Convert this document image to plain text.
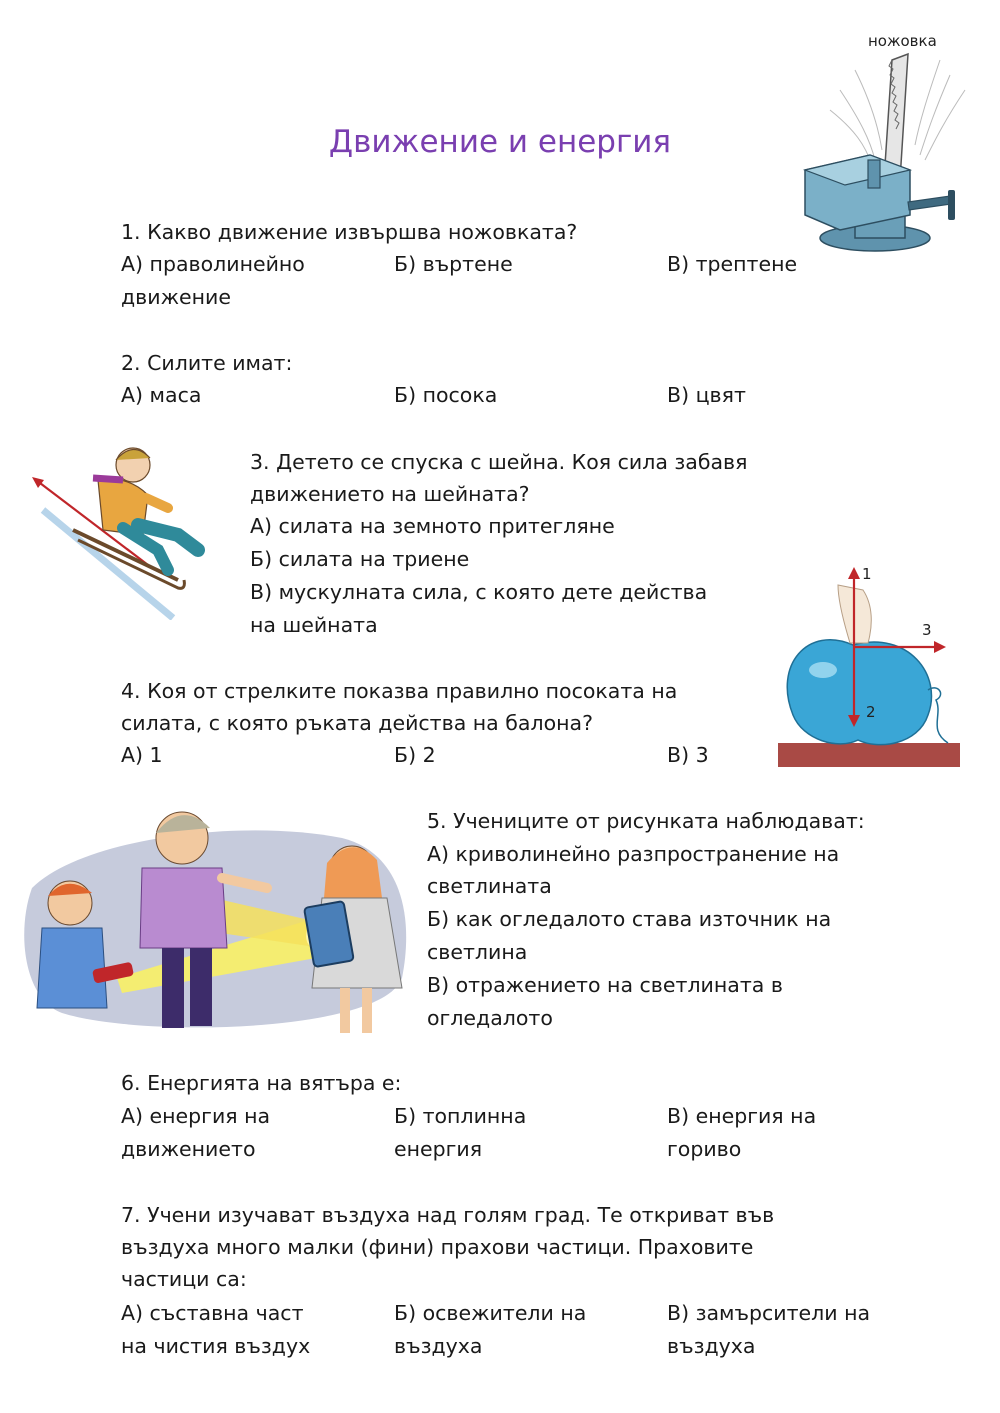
Движение и енергия
ножовка
1. Какво движение извършва ножовката?
А) праволинейно
движение
Б) въртене	В) трептене
2. Силите имат:
А) маса	Б) посока	В) цвят
3. Детето се спуска с шейна. Коя сила забавя
движението на шейната?
А) силата на земното притегляне
Б) силата на триене
В) мускулната сила, с която дете действа
на шейната
1
2
3
4. Коя от стрелките показва правилно посоката на
силата, с която ръката действа на балона?
А) 1	Б) 2	В) 3
5. Учениците от рисунката наблюдават:
А) криволинейно разпространение на
светлината
Б) как огледалото става източник на
светлина
В) отражението на светлината в
огледалото
6. Енергията на вятъра е:
А) енергия на
движението
Б) топлинна
енергия
В) енергия на
гориво
7. Учени изучават въздуха над голям град. Те откриват във
въздуха много малки (фини) прахови частици. Праховите
частици са:
А) съставна част
на чистия въздух
Б) освежители на
въздуха
В) замърсители на
въздуха
